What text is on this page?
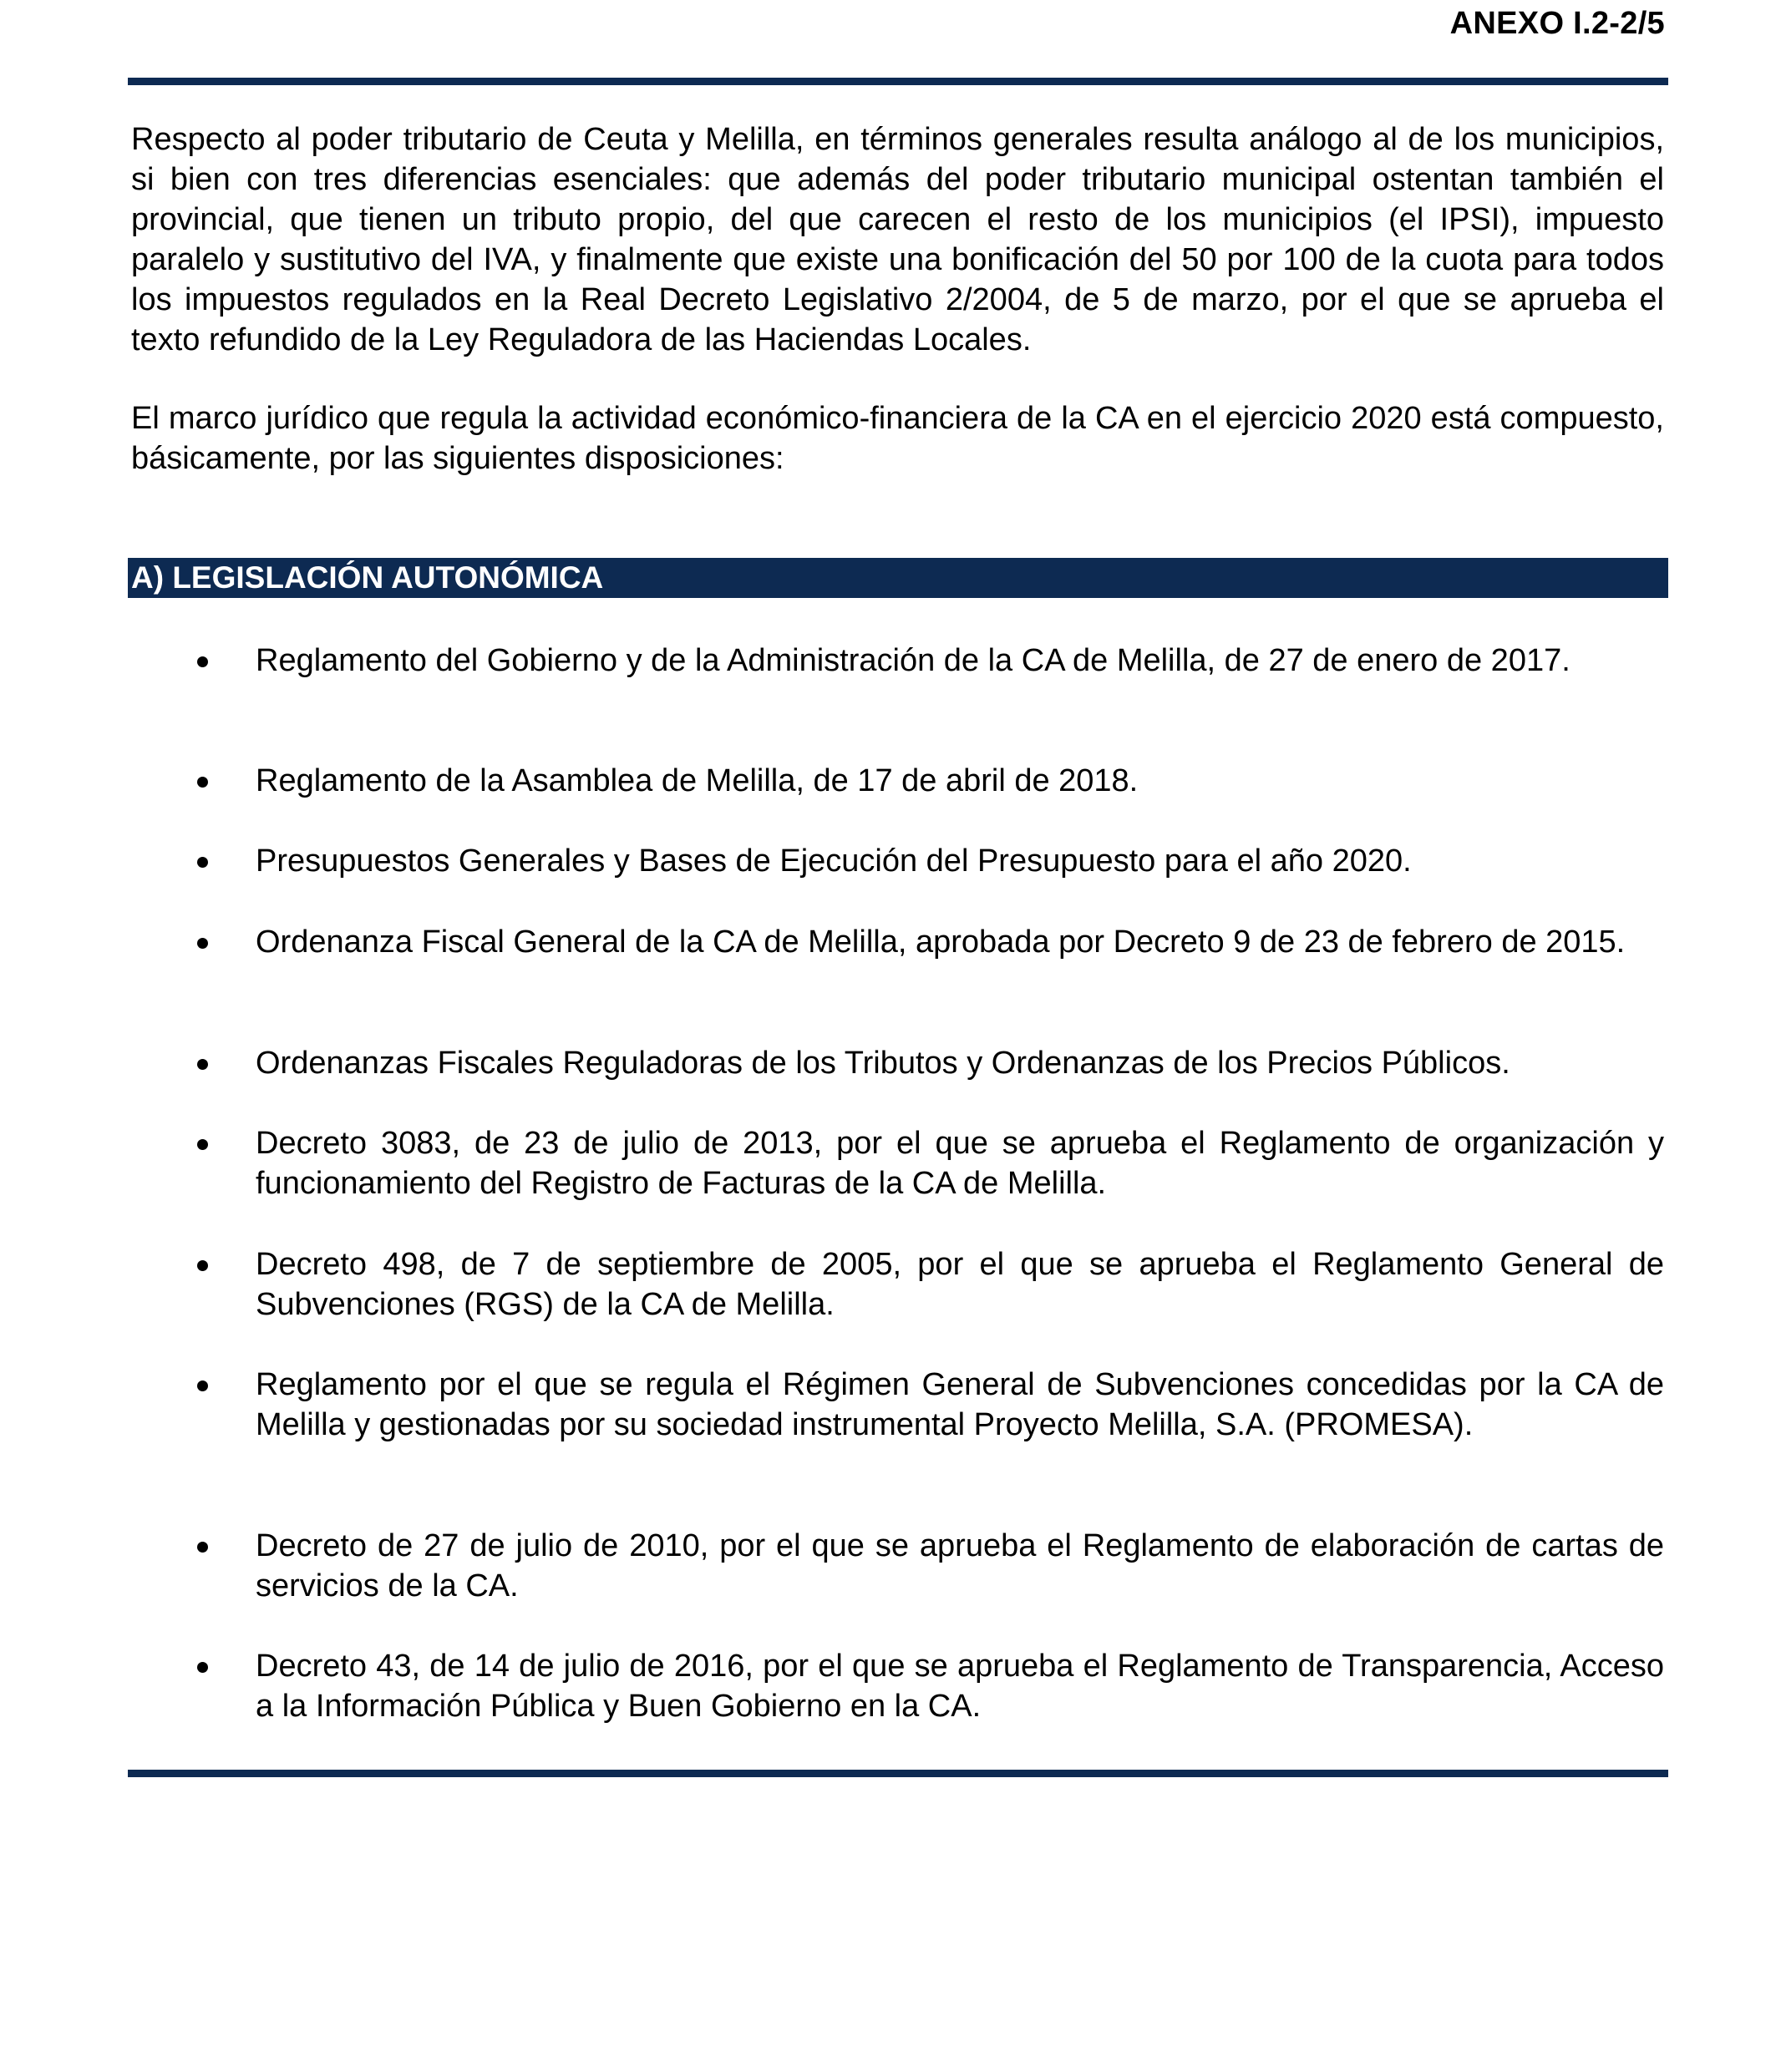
ANEXO I.2-2/5

Respecto al poder tributario de Ceuta y Melilla, en términos generales resulta análogo al de los municipios, si bien con tres diferencias esenciales: que además del poder tributario municipal ostentan también el provincial, que tienen un tributo propio, del que carecen el resto de los municipios (el IPSI), impuesto paralelo y sustitutivo del IVA, y finalmente que existe una bonificación del 50 por 100 de la cuota para todos los impuestos regulados en la Real Decreto Legislativo 2/2004, de 5 de marzo, por el que se aprueba el texto refundido de la Ley Reguladora de las Haciendas Locales.

El marco jurídico que regula la actividad económico-financiera de la CA en el ejercicio 2020 está compuesto, básicamente, por las siguientes disposiciones:

A) LEGISLACIÓN AUTONÓMICA
Reglamento del Gobierno y de la Administración de la CA de Melilla, de 27 de enero de 2017.
Reglamento de la Asamblea de Melilla, de 17 de abril de 2018.
Presupuestos Generales y Bases de Ejecución del Presupuesto para el año 2020.
Ordenanza Fiscal General de la CA de Melilla, aprobada por Decreto 9 de 23 de febrero de 2015.
Ordenanzas Fiscales Reguladoras de los Tributos y Ordenanzas de los Precios Públicos.
Decreto 3083, de 23 de julio de 2013, por el que se aprueba el Reglamento de organización y funcionamiento del Registro de Facturas de la CA de Melilla.
Decreto 498, de 7 de septiembre de 2005, por el que se aprueba el Reglamento General de Subvenciones (RGS) de la CA de Melilla.
Reglamento por el que se regula el Régimen General de Subvenciones concedidas por la CA de Melilla y gestionadas por su sociedad instrumental Proyecto Melilla, S.A. (PROMESA).
Decreto de 27 de julio de 2010, por el que se aprueba el Reglamento de elaboración de cartas de servicios de la CA.
Decreto 43, de 14 de julio de 2016, por el que se aprueba el Reglamento de Transparencia, Acceso a la Información Pública y Buen Gobierno en la CA.
